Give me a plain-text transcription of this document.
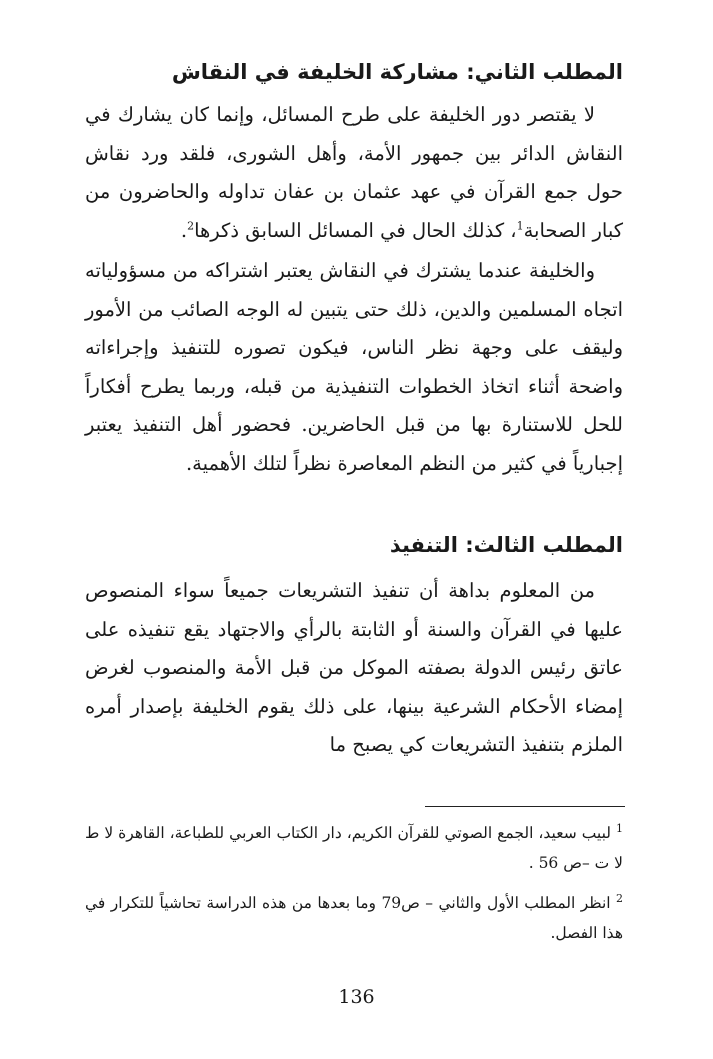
المطلب الثاني: مشاركة الخليفة في النقاش

لا يقتصر دور الخليفة على طرح المسائل، وإنما كان يشارك في النقاش الدائر بين جمهور الأمة، وأهل الشورى، فلقد ورد نقاش حول جمع القرآن في عهد عثمان بن عفان تداوله والحاضرون من كبار الصحابة$^1$، كذلك الحال في المسائل السابق ذكرها$^2$.

والخليفة عندما يشترك في النقاش يعتبر اشتراكه من مسؤولياته اتجاه المسلمين والدين، ذلك حتى يتبين له الوجه الصائب من الأمور وليقف على وجهة نظر الناس، فيكون تصوره للتنفيذ وإجراءاته واضحة أثناء اتخاذ الخطوات التنفيذية من قبله، وربما يطرح أفكاراً للحل للاستنارة بها من قبل الحاضرين. فحضور أهل التنفيذ يعتبر إجبارياً في كثير من النظم المعاصرة نظراً لتلك الأهمية.

المطلب الثالث: التنفيذ

من المعلوم بداهة أن تنفيذ التشريعات جميعاً سواء المنصوص عليها في القرآن والسنة أو الثابتة بالرأي والاجتهاد يقع تنفيذه على عاتق رئيس الدولة بصفته الموكل من قبل الأمة والمنصوب لغرض إمضاء الأحكام الشرعية بينها، على ذلك يقوم الخليفة بإصدار أمره الملزم بتنفيذ التشريعات كي يصبح ما

$^1$ لبيب سعيد، الجمع الصوتي للقرآن الكريم، دار الكتاب العربي للطباعة، القاهرة لا ط لا ت –ص 56 .

$^2$ انظر المطلب الأول والثاني – ص79 وما بعدها من هذه الدراسة تحاشياً للتكرار في هذا الفصل.

136
